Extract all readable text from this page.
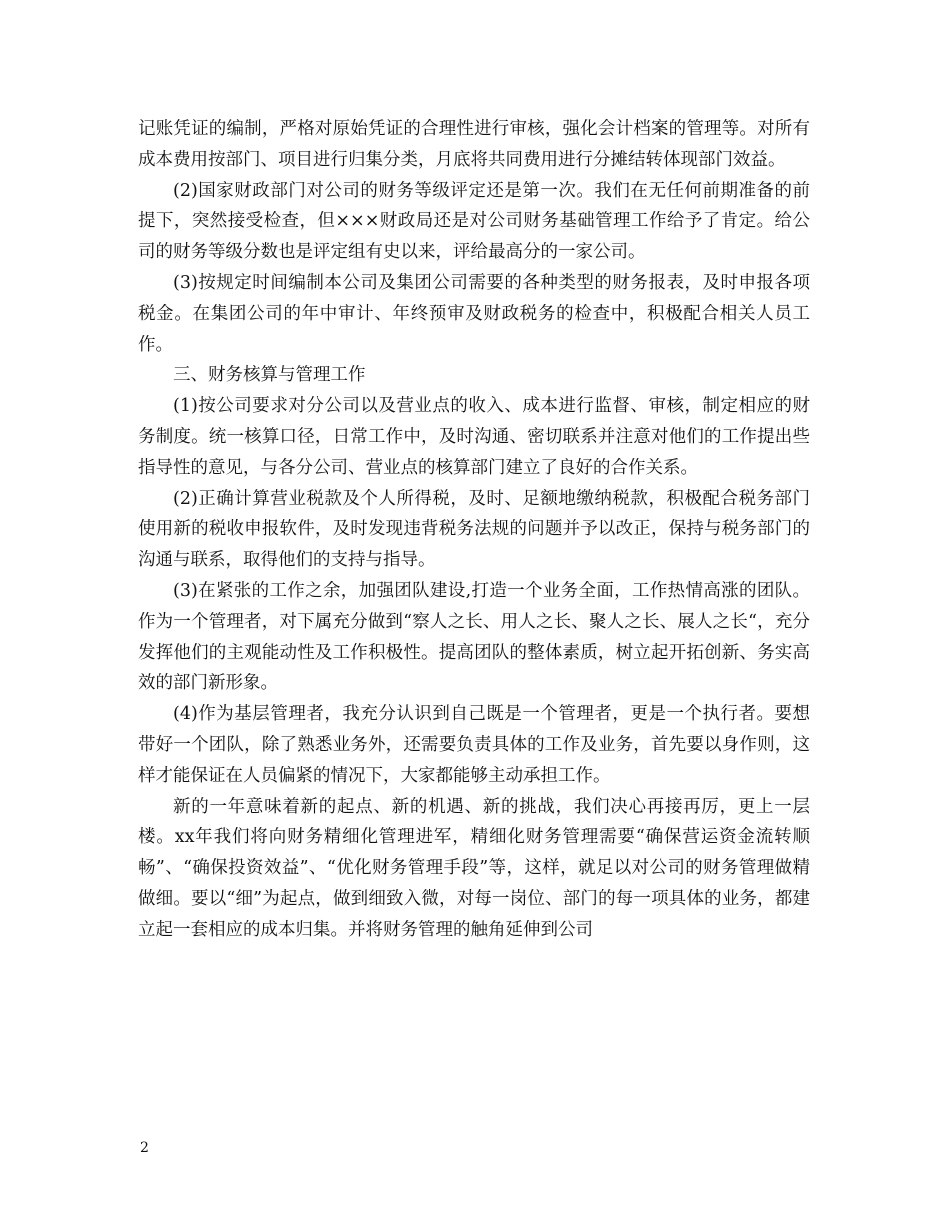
记账凭证的编制，严格对原始凭证的合理性进行审核，强化会计档案的管理等。对所有成本费用按部门、项目进行归集分类，月底将共同费用进行分摊结转体现部门效益。

(2)国家财政部门对公司的财务等级评定还是第一次。我们在无任何前期准备的前提下，突然接受检查，但×××财政局还是对公司财务基础管理工作给予了肯定。给公司的财务等级分数也是评定组有史以来，评给最高分的一家公司。

(3)按规定时间编制本公司及集团公司需要的各种类型的财务报表，及时申报各项税金。在集团公司的年中审计、年终预审及财政税务的检查中，积极配合相关人员工作。

三、财务核算与管理工作

(1)按公司要求对分公司以及营业点的收入、成本进行监督、审核，制定相应的财务制度。统一核算口径，日常工作中，及时沟通、密切联系并注意对他们的工作提出些指导性的意见，与各分公司、营业点的核算部门建立了良好的合作关系。

(2)正确计算营业税款及个人所得税，及时、足额地缴纳税款，积极配合税务部门使用新的税收申报软件，及时发现违背税务法规的问题并予以改正，保持与税务部门的沟通与联系，取得他们的支持与指导。

(3)在紧张的工作之余，加强团队建设,打造一个业务全面，工作热情高涨的团队。作为一个管理者，对下属充分做到“察人之长、用人之长、聚人之长、展人之长“，充分发挥他们的主观能动性及工作积极性。提高团队的整体素质，树立起开拓创新、务实高效的部门新形象。

(4)作为基层管理者，我充分认识到自己既是一个管理者，更是一个执行者。要想带好一个团队，除了熟悉业务外，还需要负责具体的工作及业务，首先要以身作则，这样才能保证在人员偏紧的情况下，大家都能够主动承担工作。

新的一年意味着新的起点、新的机遇、新的挑战，我们决心再接再厉，更上一层楼。xx年我们将向财务精细化管理进军，精细化财务管理需要“确保营运资金流转顺畅”、“确保投资效益”、“优化财务管理手段”等，这样，就足以对公司的财务管理做精做细。要以“细”为起点，做到细致入微，对每一岗位、部门的每一项具体的业务，都建立起一套相应的成本归集。并将财务管理的触角延伸到公司

2
